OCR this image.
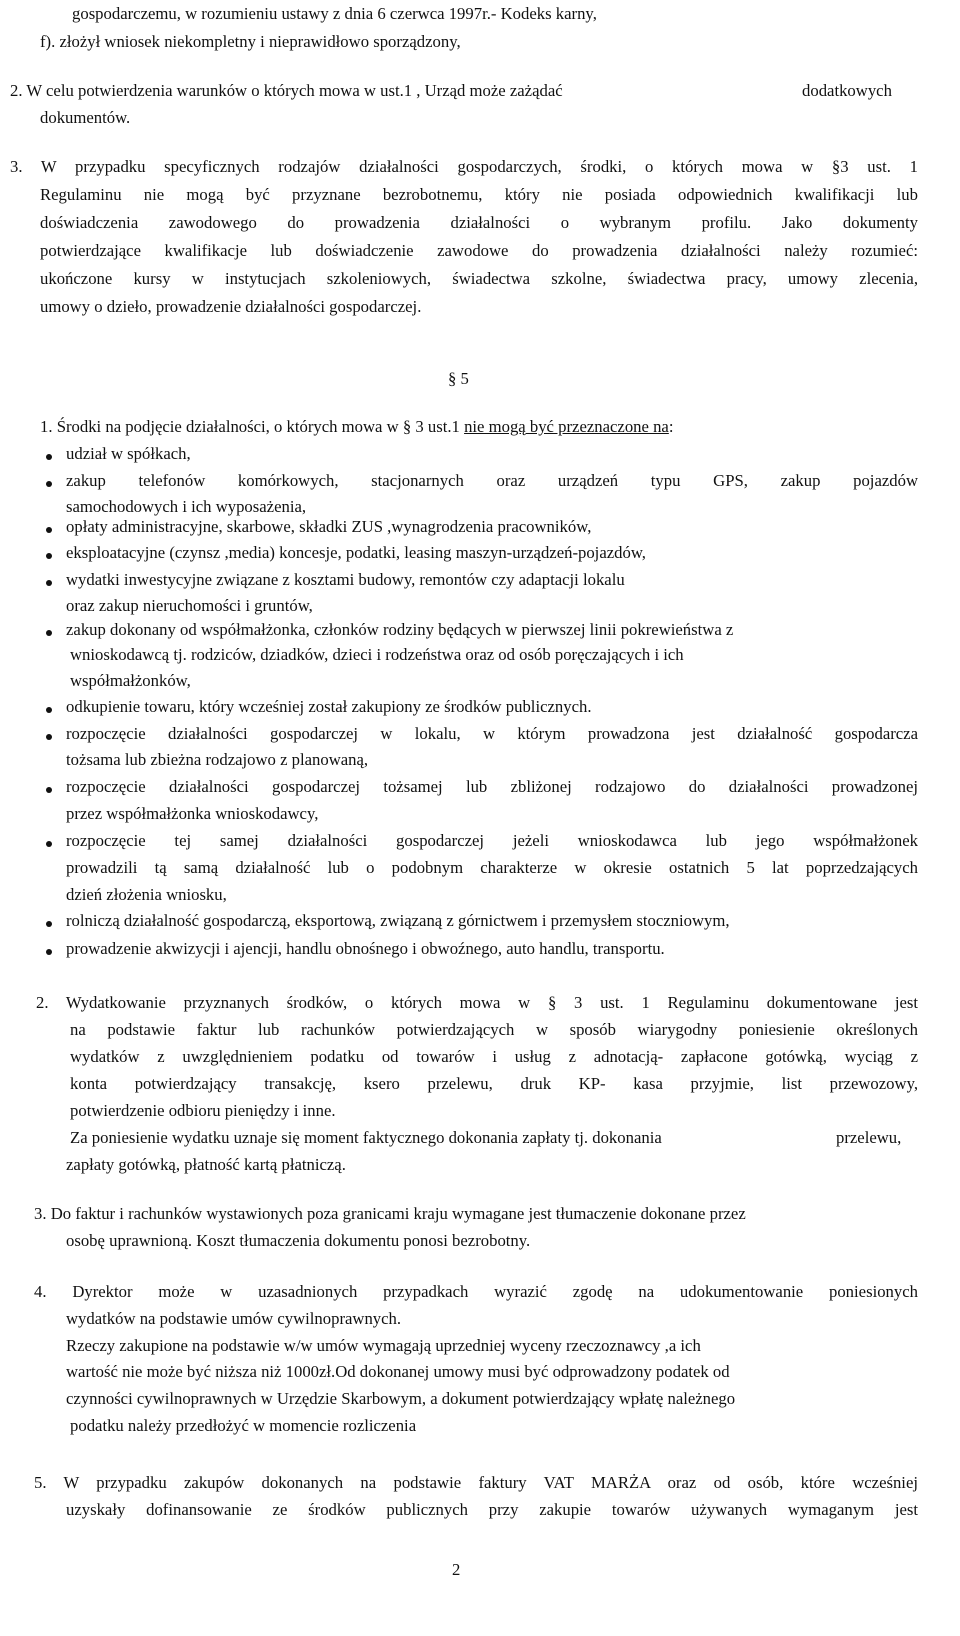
gospodarczemu, w rozumieniu ustawy z dnia 6 czerwca 1997r.- Kodeks karny,
f). złożył wniosek niekompletny i nieprawidłowo sporządzony,
2. W celu potwierdzenia warunków o których mowa w ust.1 , Urząd może zażądać	dodatkowych
dokumentów.
3. W przypadku specyficznych rodzajów działalności gospodarczych, środki, o których mowa w §3 ust. 1
Regulaminu nie mogą być przyznane bezrobotnemu, który nie posiada odpowiednich kwalifikacji lub
doświadczenia zawodowego do prowadzenia działalności o wybranym profilu. Jako dokumenty
potwierdzające kwalifikacje lub doświadczenie zawodowe do prowadzenia działalności należy rozumieć:
ukończone kursy w instytucjach szkoleniowych, świadectwa szkolne, świadectwa pracy, umowy zlecenia,
umowy o dzieło, prowadzenie działalności gospodarczej.
§ 5
1. Środki na podjęcie działalności, o których mowa w § 3 ust.1 nie mogą być przeznaczone na:
udział w spółkach,
zakup telefonów komórkowych, stacjonarnych oraz urządzeń typu GPS, zakup pojazdów
samochodowych i ich wyposażenia,
opłaty administracyjne, skarbowe, składki ZUS ,wynagrodzenia pracowników,
eksploatacyjne (czynsz ,media) koncesje, podatki, leasing maszyn-urządzeń-pojazdów,
wydatki inwestycyjne związane z kosztami budowy, remontów czy adaptacji lokalu
oraz zakup nieruchomości i gruntów,
zakup dokonany od współmałżonka, członków rodziny będących w pierwszej linii pokrewieństwa z
wnioskodawcą tj. rodziców, dziadków, dzieci i rodzeństwa oraz od osób poręczających i ich
współmałżonków,
odkupienie towaru, który wcześniej został zakupiony ze środków publicznych.
rozpoczęcie działalności gospodarczej w lokalu, w którym prowadzona jest działalność gospodarcza
tożsama lub zbieżna rodzajowo z planowaną,
rozpoczęcie działalności gospodarczej tożsamej lub zbliżonej rodzajowo do działalności prowadzonej
przez współmałżonka wnioskodawcy,
rozpoczęcie tej samej działalności gospodarczej jeżeli wnioskodawca lub jego współmałżonek
prowadzili tą samą działalność lub o podobnym charakterze w okresie ostatnich 5 lat poprzedzających
dzień złożenia wniosku,
rolniczą działalność gospodarczą, eksportową, związaną z górnictwem i przemysłem stoczniowym,
prowadzenie akwizycji i ajencji, handlu obnośnego i obwoźnego, auto handlu, transportu.
2. Wydatkowanie przyznanych środków, o których mowa w § 3 ust. 1 Regulaminu dokumentowane jest
na podstawie faktur lub rachunków potwierdzających w sposób wiarygodny poniesienie określonych
wydatków z uwzględnieniem podatku od towarów i usług z adnotacją- zapłacone gotówką, wyciąg z
konta potwierdzający transakcję, ksero przelewu, druk KP- kasa przyjmie, list przewozowy,
potwierdzenie odbioru pieniędzy i inne.
Za poniesienie wydatku uznaje się moment faktycznego dokonania zapłaty tj. dokonania	przelewu,
zapłaty gotówką, płatność kartą płatniczą.
3. Do faktur i rachunków wystawionych poza granicami kraju wymagane jest tłumaczenie dokonane przez
osobę uprawnioną. Koszt tłumaczenia dokumentu ponosi bezrobotny.
4. Dyrektor może w uzasadnionych przypadkach wyrazić zgodę na udokumentowanie poniesionych
wydatków na podstawie umów cywilnoprawnych.
Rzeczy zakupione na podstawie w/w umów wymagają uprzedniej wyceny rzeczoznawcy ,a ich
wartość nie może być niższa niż 1000zł.Od dokonanej umowy musi być odprowadzony podatek od
czynności cywilnoprawnych w Urzędzie Skarbowym, a dokument potwierdzający wpłatę należnego
podatku należy przedłożyć w momencie rozliczenia
5. W przypadku zakupów dokonanych na podstawie faktury VAT MARŻA oraz od osób, które wcześniej
uzyskały dofinansowanie ze środków publicznych przy zakupie towarów używanych wymaganym jest
2
